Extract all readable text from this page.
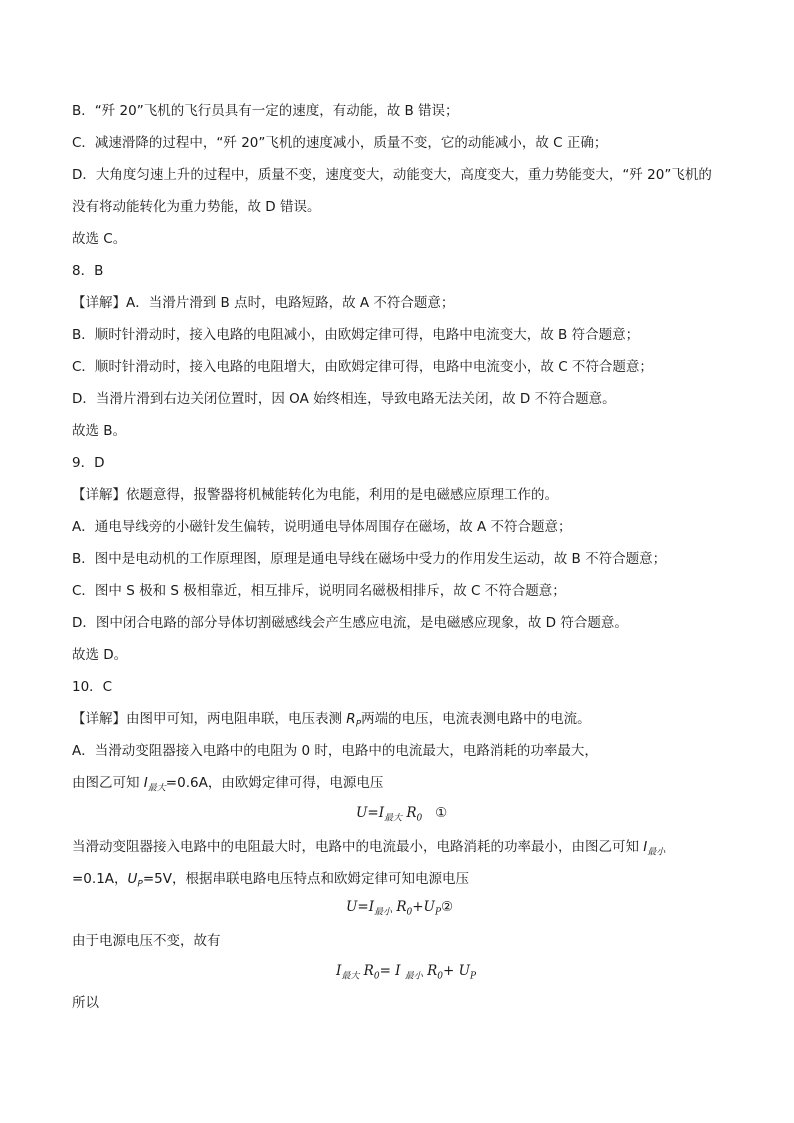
B．“歼 20”飞机的飞行员具有一定的速度，有动能，故 B 错误；
C．减速滑降的过程中，“歼 20”飞机的速度减小，质量不变，它的动能减小，故 C 正确；
D．大角度匀速上升的过程中，质量不变，速度变大，动能变大，高度变大，重力势能变大，“歼 20”飞机的
没有将动能转化为重力势能，故 D 错误。
故选 C。
8．B
【详解】A．当滑片滑到 B 点时，电路短路，故 A 不符合题意；
B．顺时针滑动时，接入电路的电阻减小，由欧姆定律可得，电路中电流变大，故 B 符合题意；
C．顺时针滑动时，接入电路的电阻增大，由欧姆定律可得，电路中电流变小，故 C 不符合题意；
D．当滑片滑到右边关闭位置时，因 OA 始终相连，导致电路无法关闭，故 D 不符合题意。
故选 B。
9．D
【详解】依题意得，报警器将机械能转化为电能，利用的是电磁感应原理工作的。
A．通电导线旁的小磁针发生偏转，说明通电导体周围存在磁场，故 A 不符合题意；
B．图中是电动机的工作原理图，原理是通电导线在磁场中受力的作用发生运动，故 B 不符合题意；
C．图中 S 极和 S 极相靠近，相互排斥，说明同名磁极相排斥，故 C 不符合题意；
D．图中闭合电路的部分导体切割磁感线会产生感应电流，是电磁感应现象，故 D 符合题意。
故选 D。
10．C
【详解】由图甲可知，两电阻串联，电压表测 $R_P$两端的电压，电流表测电路中的电流。
A．当滑动变阻器接入电路中的电阻为 0 时，电路中的电流最大，电路消耗的功率最大，
由图乙可知 $I_{最大}=0.6A$，由欧姆定律可得，电源电压
$U=I_{最大}$ $R_0$ ①
当滑动变阻器接入电路中的电阻最大时，电路中的电流最小，电路消耗的功率最小，由图乙可知 $I_{最小}$
=0.1A，$U_P=5V$，根据串联电路电压特点和欧姆定律可知电源电压
$U=I_{最小}$ $R_0+U_P②$
由于电源电压不变，故有
$I_{最大}$ $R_0= I$ $_{最小}$ $R_0+ U_P$
所以
